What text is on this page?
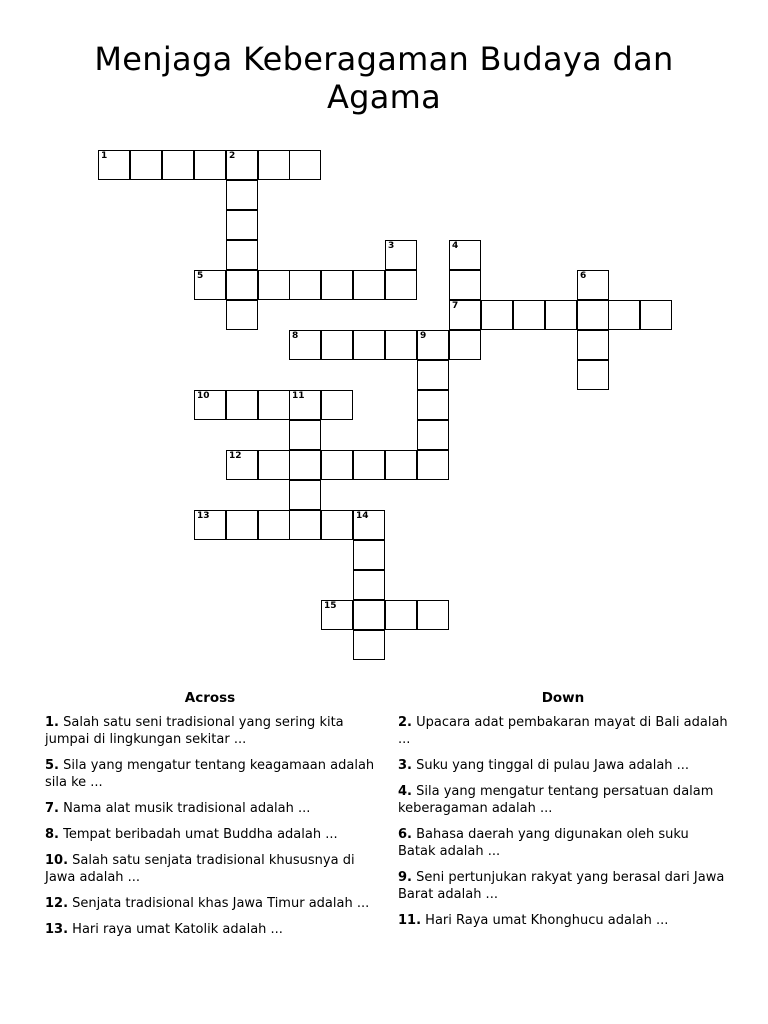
Menjaga Keberagaman Budaya dan
Agama
1	2
3	4
7
5	6
8	9
10	11
12
13	14
15
Across
1. Salah satu seni tradisional yang sering kita jumpai di lingkungan sekitar ...
5. Sila yang mengatur tentang keagamaan adalah sila ke ...
7. Nama alat musik tradisional adalah ...
8. Tempat beribadah umat Buddha adalah ...
10. Salah satu senjata tradisional khususnya di Jawa adalah ...
12. Senjata tradisional khas Jawa Timur adalah ...
13. Hari raya umat Katolik adalah ...
Down
2. Upacara adat pembakaran mayat di Bali adalah ...
3. Suku yang tinggal di pulau Jawa adalah ...
4. Sila yang mengatur tentang persatuan dalam keberagaman adalah ...
6. Bahasa daerah yang digunakan oleh suku Batak adalah ...
9. Seni pertunjukan rakyat yang berasal dari Jawa Barat adalah ...
11. Hari Raya umat Khonghucu adalah ...
